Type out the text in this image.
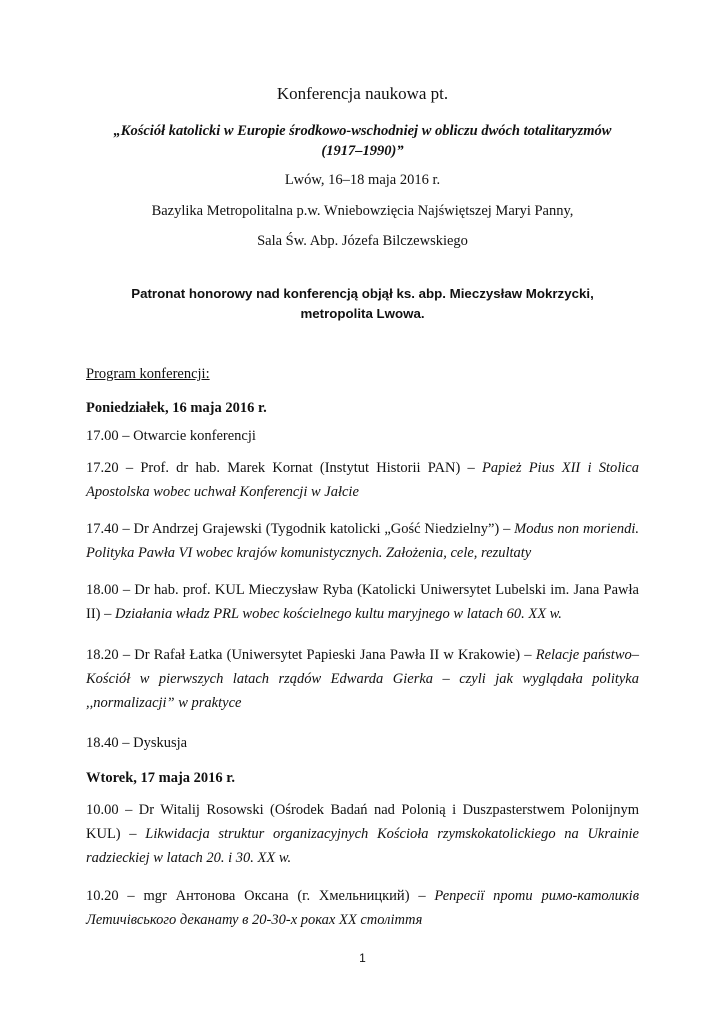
Konferencja naukowa pt.
„Kościół katolicki w Europie środkowo-wschodniej w obliczu dwóch totalitaryzmów
(1917–1990)”
Lwów, 16–18 maja 2016 r.
Bazylika Metropolitalna p.w. Wniebowzięcia Najświętszej Maryi Panny,
Sala Św. Abp. Józefa Bilczewskiego
Patronat honorowy nad konferencją objął ks. abp. Mieczysław Mokrzycki, metropolita Lwowa.
Program konferencji:
Poniedziałek, 16 maja 2016 r.
17.00 – Otwarcie konferencji
17.20 – Prof. dr hab. Marek Kornat (Instytut Historii PAN) – Papież Pius XII i Stolica Apostolska wobec uchwał Konferencji w Jałcie
17.40 – Dr Andrzej Grajewski (Tygodnik katolicki „Gość Niedzielny”) – Modus non moriendi. Polityka Pawła VI wobec krajów komunistycznych. Założenia, cele, rezultaty
18.00 – Dr hab. prof. KUL Mieczysław Ryba (Katolicki Uniwersytet Lubelski im. Jana Pawła II) – Działania władz PRL wobec kościelnego kultu maryjnego w latach 60. XX w.
18.20 – Dr Rafał Łatka (Uniwersytet Papieski Jana Pawła II w Krakowie) – Relacje państwo–Kościół w pierwszych latach rządów Edwarda Gierka – czyli jak wyglądała polityka ,,normalizacji” w praktyce
18.40 – Dyskusja
Wtorek, 17 maja 2016 r.
10.00 – Dr Witalij Rosowski (Ośrodek Badań nad Polonią i Duszpasterstwem Polonijnym KUL) – Likwidacja struktur organizacyjnych Kościoła rzymskokatolickiego na Ukrainie radzieckiej w latach 20. i 30. XX w.
10.20 – mgr Антонова Оксана (г. Хмельницкий) – Репресії проти римо-католиків Летичівського деканату в 20-30-х роках ХХ століття
1
